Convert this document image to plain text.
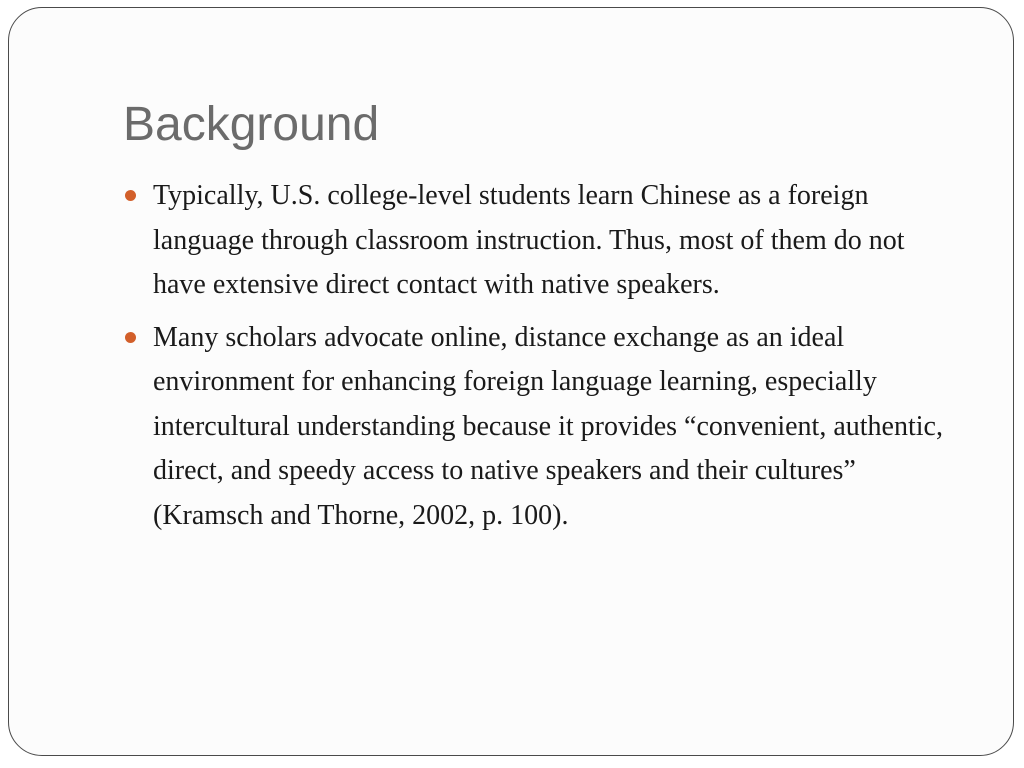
Background
Typically, U.S. college-level students learn Chinese as a foreign language through classroom instruction. Thus, most of them do not have extensive direct contact with native speakers.
Many scholars advocate online, distance exchange as an ideal environment for enhancing foreign language learning, especially intercultural understanding because it provides “convenient, authentic, direct, and speedy access to native speakers and their cultures” (Kramsch and Thorne, 2002, p. 100).
